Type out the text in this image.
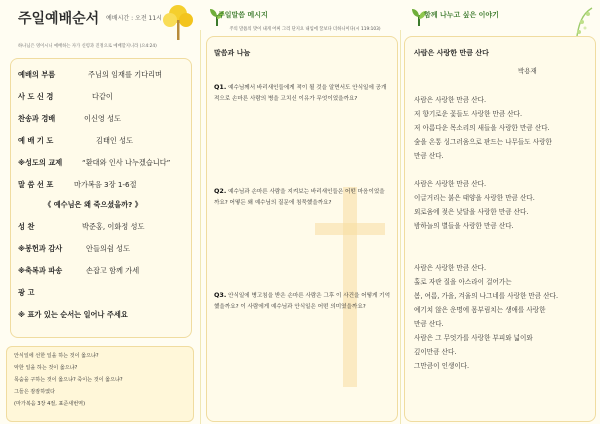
주일예배순서 예배시간 : 오전 11시
하나님은 영이시니 예배하는 자가 신령과 진정으로 예배할지니라 (요4:24)
예배의 부름	주님의 임재를 기다리며
사 도 신 경	다같이
찬송과 경배	이신영 성도
예 배 기 도	김태인 성도
※성도의 교제	“환대와 인사 나누겠습니다”
말 씀 선 포	마가복음 3장 1-6절
《 예수님은 왜 죽으셨을까? 》
성 찬	박준홍, 이화정 성도
※봉헌과 감사	안들의쉼 성도
※축복과 파송	손잡고 함께 가세
광 고
※ 표가 있는 순서는 일어나 주세요
안식일에 선한 일을 하는 것이 옳으냐?
악한 일을 하는 것이 옳으냐?
목숨을 구하는 것이 옳으냐? 죽이는 것이 옳으냐?
그들은 잠잠하였다
(마가복음 3장 4절, 표준새번역)
주일말씀 메시지
주의 말씀의 맛이 내게 어찌 그리 단지요 내입에 꿀보다 더하니이다(시 119:103)
말씀과 나눔
Q1. 예수님께서 바리새인들에게 적이 될 것을 알면서도 안식일에 공개적으로 손마른 사람의 병을 고치신 이유가 무엇이었을까요?
Q2. 예수님과 손마른 사람을 지켜보는 바리새인들은 어떤 마음이었을까요? 어떻든 왜 예수님의 질문에 침묵했을까요?
Q3. 안식일에 병고침을 받은 손마른 사람은 그후 이 사건을 어떻게 기억했을까요? 이 사람에게 예수님과 안식일은 어떤 의미였을까요?
함께 나누고 싶은 이야기
사람은 사랑한 만큼 산다
박용재
사람은 사랑한 만큼 산다.
저 향기로운 꽃들도 사랑한 만큼 산다.
저 아름다운 목소리의 새들을 사랑한 만큼 산다.
숲을 온통 싱그러움으로 판드는 나무들도 사랑한
만큼 산다.
사람은 사랑한 만큼 산다.
이글거리는 붉은 태양을 사랑한 만큼 산다.
외로움에 젖은 낮달을 사랑한 만큼 산다.
밤하늘의 별들을 사랑한 만큼 산다.
사람은 사랑한 만큼 산다.
홀로 자란 질을 아스라이 걸어가는
봄, 여름, 가을, 겨울의 나그네를 사랑한 만큼 산다.
예기치 않은 운명에 몸부림치는 생애를 사랑한
만큼 산다.
사람은 그 무엇가를 사랑한 부피와 넓이와
깊이만큼 산다.
그만큼이 인생이다.
